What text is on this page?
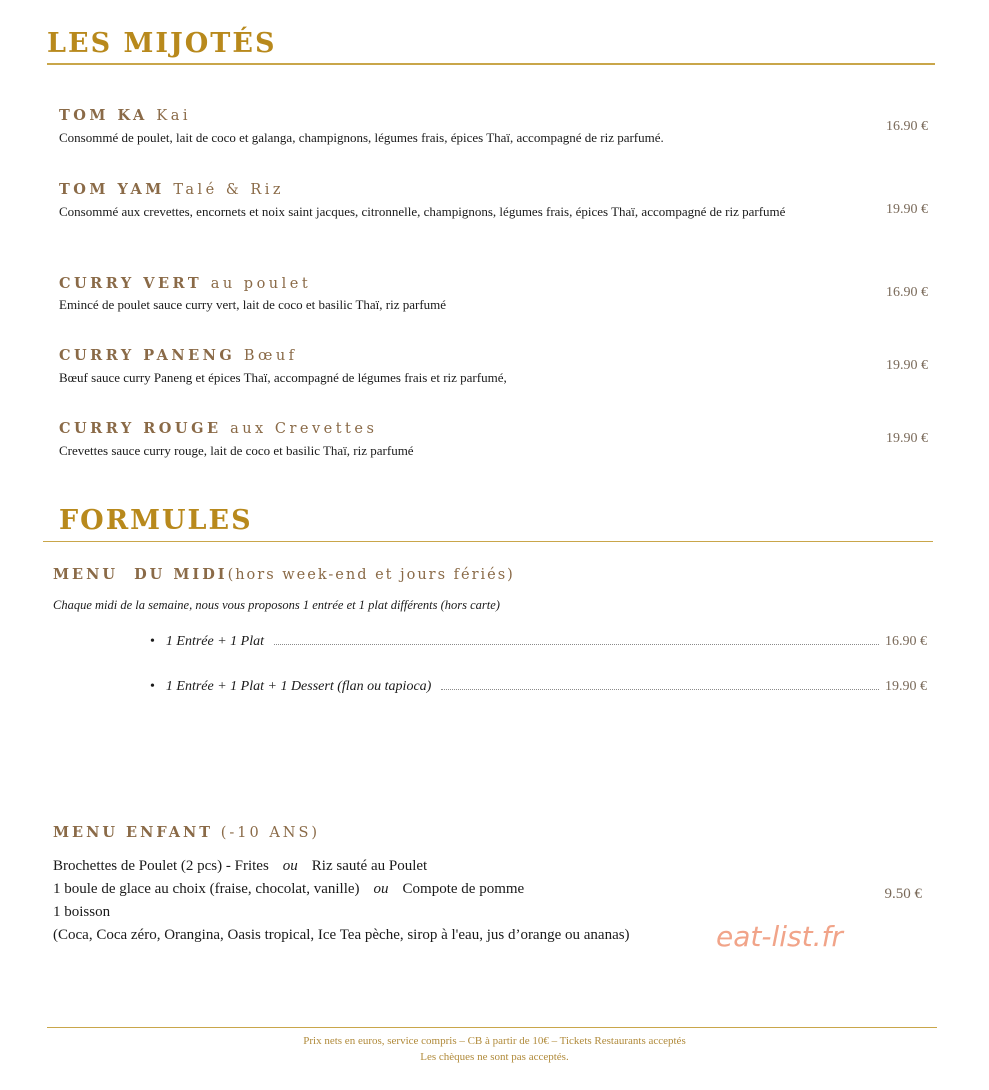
LES MIJOTÉS
TOM KA Kai
Consommé de poulet, lait de coco et galanga, champignons, légumes frais, épices Thaï, accompagné de riz parfumé.
16.90 €
TOM YAM Talé & Riz
Consommé aux crevettes, encornets et noix saint jacques, citronnelle, champignons, légumes frais, épices Thaï, accompagné de riz parfumé	19.90 €
CURRY VERT au poulet
Emincé de poulet sauce curry vert, lait de coco et basilic Thaï, riz parfumé
16.90 €
CURRY PANENG Bœuf
Bœuf sauce curry Paneng et épices Thaï, accompagné de légumes frais et riz parfumé,
19.90 €
CURRY ROUGE aux Crevettes
Crevettes sauce curry rouge, lait de coco et basilic Thaï, riz parfumé
19.90 €
FORMULES
MENU  DU MIDI(hors week-end et jours fériés)
Chaque midi de la semaine, nous vous proposons 1 entrée et 1 plat différents (hors carte)
• 1 Entrée + 1 Plat	16.90 €
• 1 Entrée + 1 Plat + 1 Dessert (flan ou tapioca)	19.90 €
MENU ENFANT (-10 ANS)
Brochettes de Poulet (2 pcs) - Frites ou Riz sauté au Poulet
1 boule de glace au choix (fraise, chocolat, vanille) ou Compote de pomme
1 boisson
(Coca, Coca zéro, Orangina, Oasis tropical, Ice Tea pèche, sirop à l'eau, jus d’orange ou ananas)
9.50 €
eat-list.fr
Prix nets en euros, service compris – CB à partir de 10€ – Tickets Restaurants acceptés
Les chèques ne sont pas acceptés.
